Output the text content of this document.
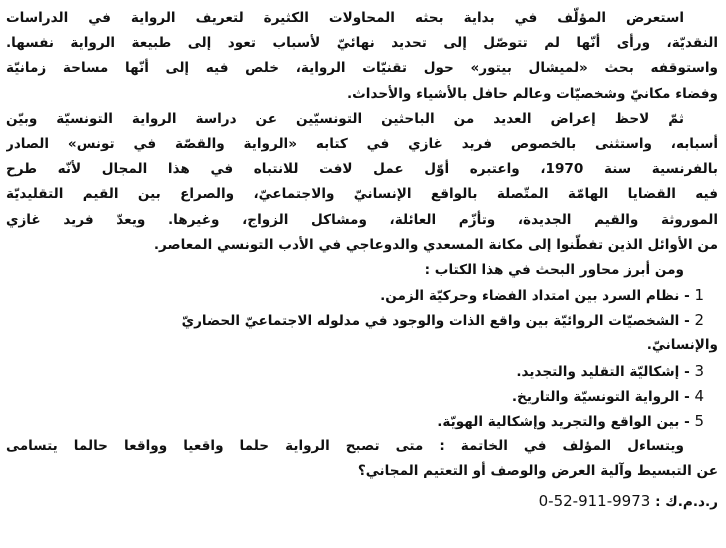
استعرض المؤلّف في بداية بحثه المحاولات الكثيرة لتعريف الرواية في الدراسات
النقديّة، ورأى أنّها لم تتوصّل إلى تحديد نهائيّ لأسباب تعود إلى طبيعة الرواية نفسها.
واستوقفه بحث «لميشال بيتور» حول تقنيّات الرواية، خلص فيه إلى أنّها مساحة زمانيّة
وفضاء مكانيّ وشخصيّات وعالم حافل بالأشياء والأحداث.
ثمّ لاحظ إعراض العديد من الباحثين التونسيّين عن دراسة الرواية التونسيّة وبيّن
أسبابه، واستثنى بالخصوص فريد غازي في كتابه «الرواية والقصّة في تونس» الصادر
بالفرنسية سنة 1970، واعتبره أوّل عمل لافت للانتباه في هذا المجال لأنّه طرح
فيه القضايا الهامّة المتّصلة بالواقع الإنسانيّ والاجتماعيّ، والصراع بين القيم التقليديّة
الموروثة والقيم الجديدة، وتأزّم العائلة، ومشاكل الزواج، وغيرها. ويعدّ فريد غازي
من الأوائل الذين تفطّنوا إلى مكانة المسعدي والدوعاجي في الأدب التونسي المعاصر.
ومن أبرز محاور البحث في هذا الكتاب :
1 - نظام السرد بين امتداد الفضاء وحركيّة الزمن.
2 - الشخصيّات الروائيّة بين واقع الذات والوجود في مدلوله الاجتماعيّ الحضاريّ
والإنسانيّ.
3 - إشكاليّة التقليد والتجديد.
4 - الرواية التونسيّة والتاريخ.
5 - بين الواقع والتجريد وإشكالية الهويّة.
ويتساءل المؤلف في الخاتمة : متى تصبح الرواية حلما واقعيا وواقعا حالما يتسامى
عن التبسيط وآلية العرض والوصف أو التعتيم المجاني؟
ر.د.م.ك : 0-52-911-9973
